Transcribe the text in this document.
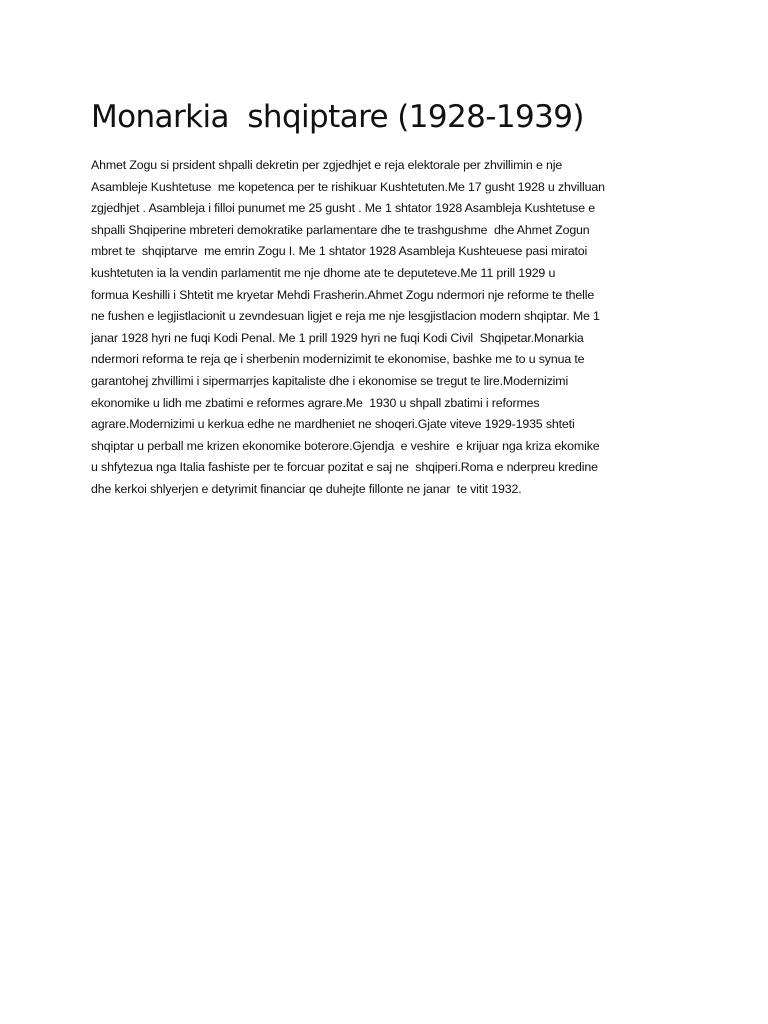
Monarkia  shqiptare (1928-1939)
Ahmet Zogu si prsident shpalli dekretin per zgjedhjet e reja elektorale per zhvillimin e nje
Asambleje Kushtetuse  me kopetenca per te rishikuar Kushtetuten.Me 17 gusht 1928 u zhvilluan
zgjedhjet . Asambleja i filloi punumet me 25 gusht . Me 1 shtator 1928 Asambleja Kushtetuse e
shpalli Shqiperine mbreteri demokratike parlamentare dhe te trashgushme  dhe Ahmet Zogun
mbret te  shqiptarve  me emrin Zogu I. Me 1 shtator 1928 Asambleja Kushteuese pasi miratoi
kushtetuten ia la vendin parlamentit me nje dhome ate te deputeteve.Me 11 prill 1929 u
formua Keshilli i Shtetit me kryetar Mehdi Frasherin.Ahmet Zogu ndermori nje reforme te thelle
ne fushen e legjistlacionit u zevndesuan ligjet e reja me nje lesgjistlacion modern shqiptar. Me 1
janar 1928 hyri ne fuqi Kodi Penal. Me 1 prill 1929 hyri ne fuqi Kodi Civil  Shqipetar.Monarkia
ndermori reforma te reja qe i sherbenin modernizimit te ekonomise, bashke me to u synua te
garantohej zhvillimi i sipermarrjes kapitaliste dhe i ekonomise se tregut te lire.Modernizimi
ekonomike u lidh me zbatimi e reformes agrare.Me  1930 u shpall zbatimi i reformes
agrare.Modernizimi u kerkua edhe ne mardheniet ne shoqeri.Gjate viteve 1929-1935 shteti
shqiptar u perball me krizen ekonomike boterore.Gjendja  e veshire  e krijuar nga kriza ekomike
u shfytezua nga Italia fashiste per te forcuar pozitat e saj ne  shqiperi.Roma e nderpreu kredine
dhe kerkoi shlyerjen e detyrimit financiar qe duhejte fillonte ne janar  te vitit 1932.
